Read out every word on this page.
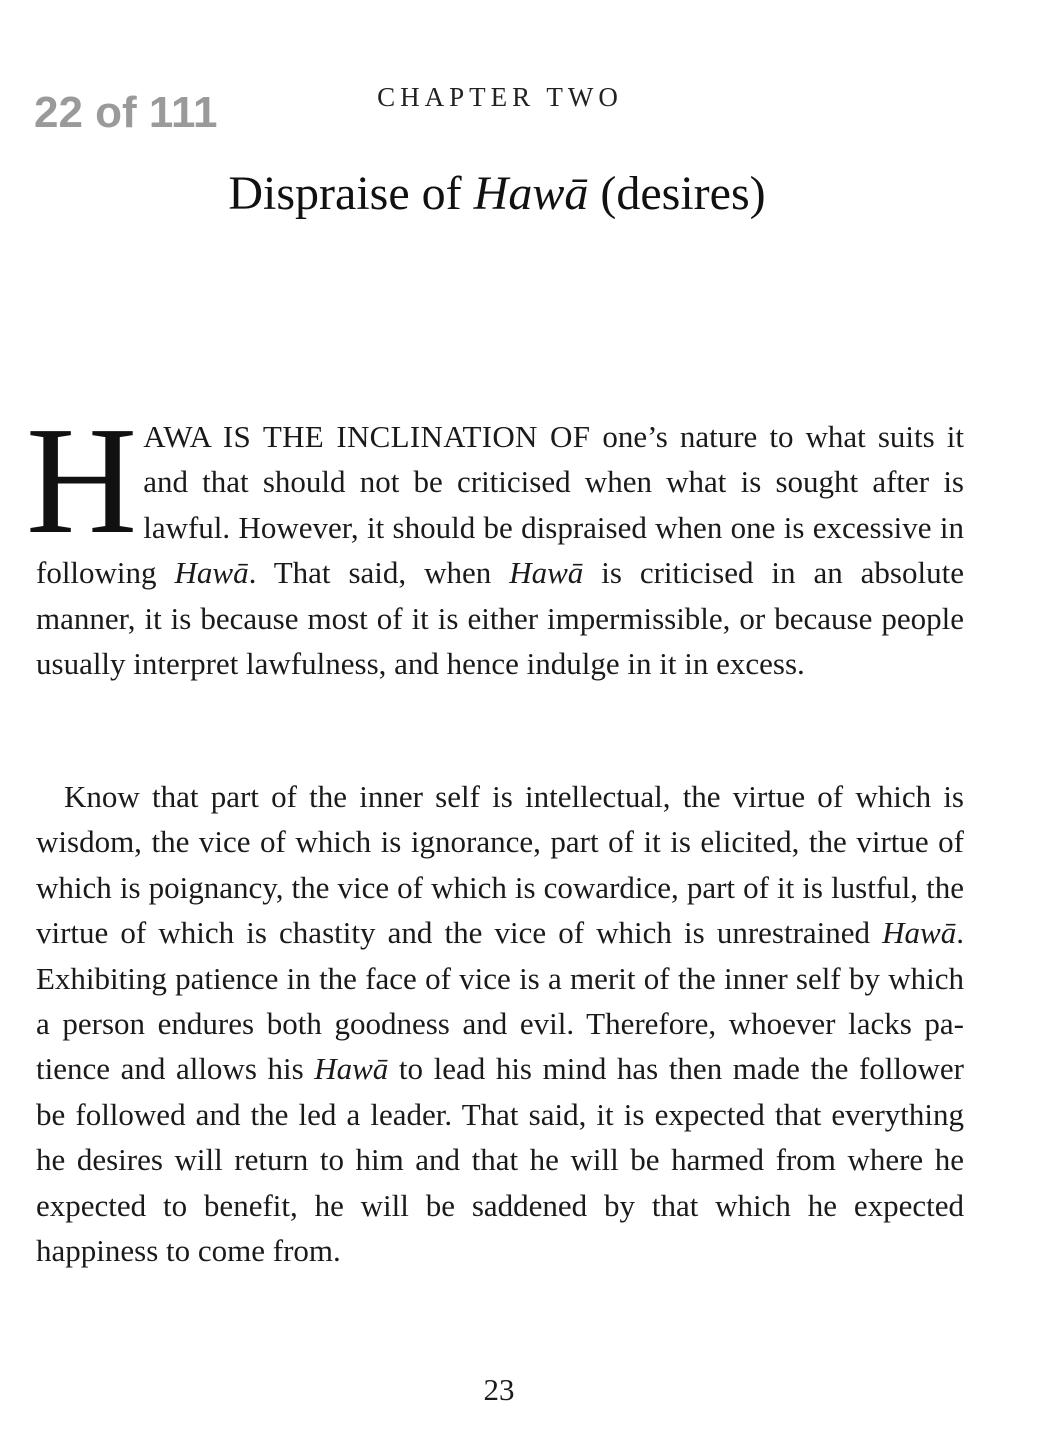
22 of 111	CHAPTER TWO
Dispraise of Hawā (desires)
HAWA IS THE INCLINATION OF one’s nature to what suits it and that should not be criticised when what is sought after is lawful. However, it should be dispraised when one is excessive in following Hawā. That said, when Hawā is criticised in an absolute manner, it is because most of it is either impermissible, or because people usually interpret lawfulness, and hence indulge in it in excess.
Know that part of the inner self is intellectual, the virtue of which is wisdom, the vice of which is ignorance, part of it is elicited, the virtue of which is poignancy, the vice of which is cowardice, part of it is lustful, the virtue of which is chastity and the vice of which is unrestrained Hawā. Exhibiting patience in the face of vice is a merit of the inner self by which a person endures both goodness and evil. Therefore, whoever lacks patience and allows his Hawā to lead his mind has then made the follower be followed and the led a leader. That said, it is expected that everything he desires will return to him and that he will be harmed from where he expected to benefit, he will be saddened by that which he expected happiness to come from.
23
